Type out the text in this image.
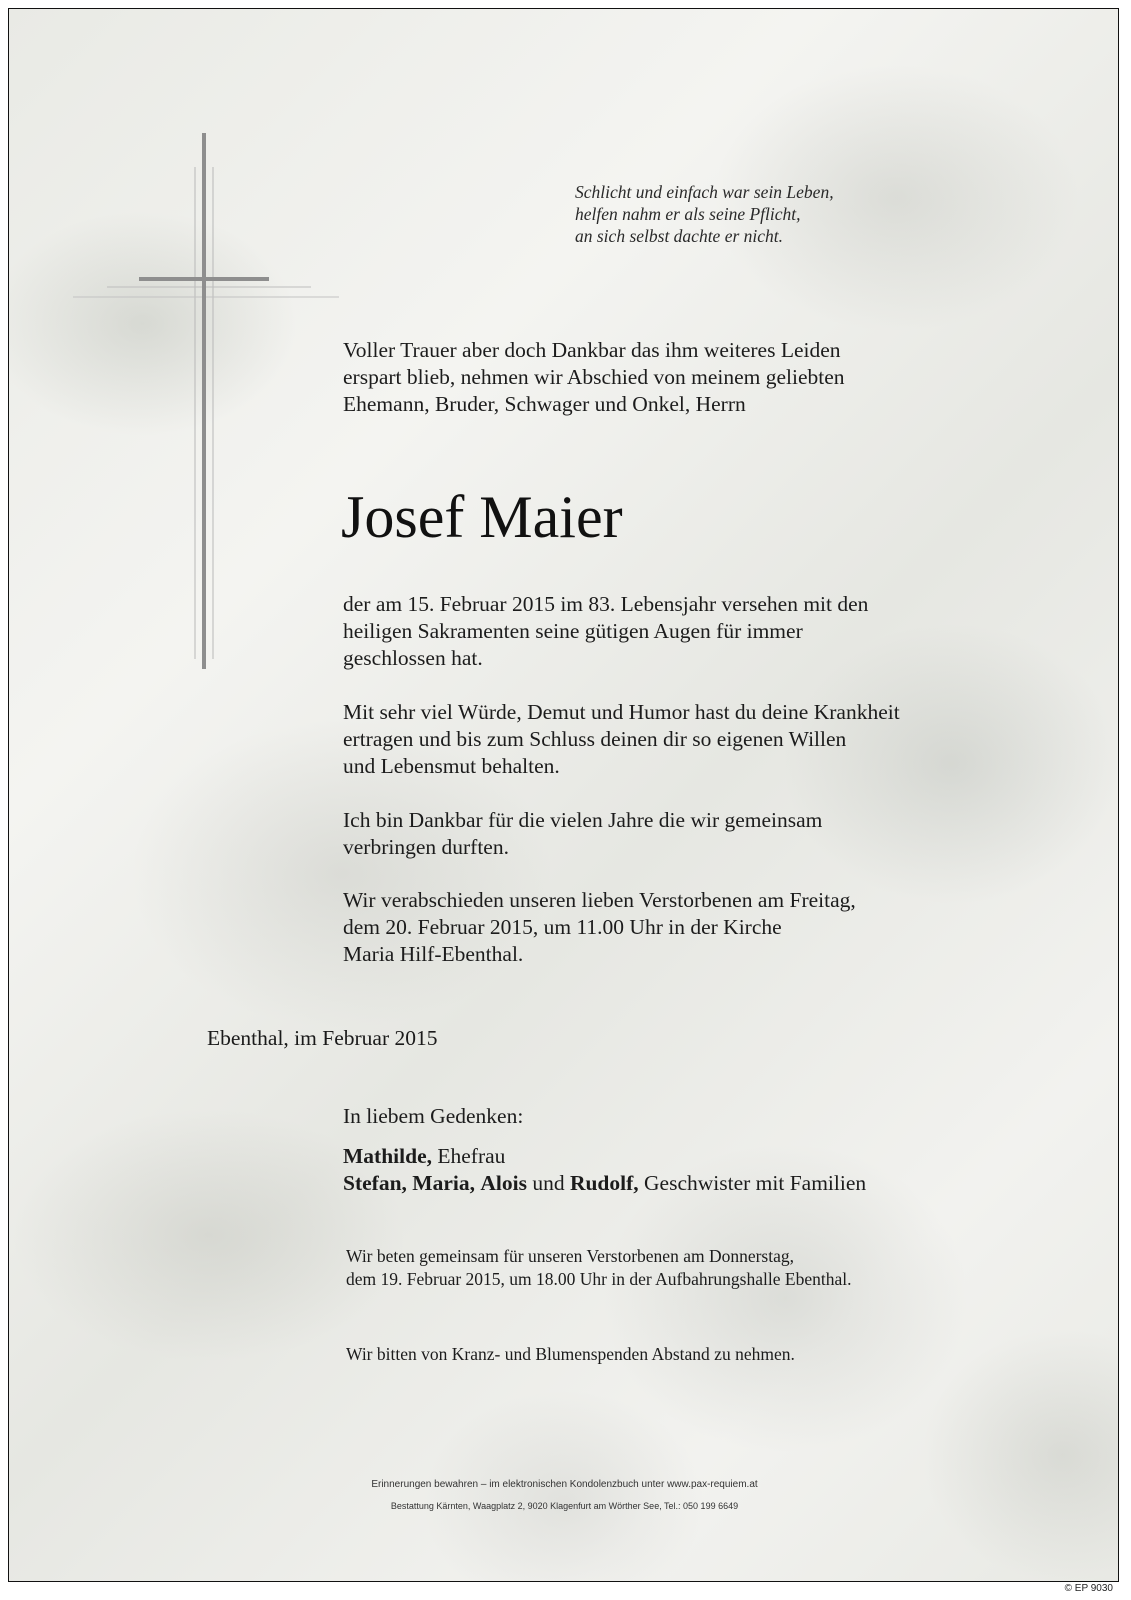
Schlicht und einfach war sein Leben,
helfen nahm er als seine Pflicht,
an sich selbst dachte er nicht.
Voller Trauer aber doch Dankbar das ihm weiteres Leiden
erspart blieb, nehmen wir Abschied von meinem geliebten
Ehemann, Bruder, Schwager und Onkel, Herrn
Josef Maier
der am 15. Februar 2015 im 83. Lebensjahr versehen mit den
heiligen Sakramenten seine gütigen Augen für immer
geschlossen hat.
Mit sehr viel Würde, Demut und Humor hast du deine Krankheit
ertragen und bis zum Schluss deinen dir so eigenen Willen
und Lebensmut behalten.
Ich bin Dankbar für die vielen Jahre die wir gemeinsam
verbringen durften.
Wir verabschieden unseren lieben Verstorbenen am Freitag,
dem 20. Februar 2015, um 11.00 Uhr in der Kirche
Maria Hilf-Ebenthal.
Ebenthal, im Februar 2015
In liebem Gedenken:
Mathilde, Ehefrau
Stefan, Maria, Alois und Rudolf, Geschwister mit Familien
Wir beten gemeinsam für unseren Verstorbenen am Donnerstag,
dem 19. Februar 2015, um 18.00 Uhr in der Aufbahrungshalle Ebenthal.
Wir bitten von Kranz- und Blumenspenden Abstand zu nehmen.
Erinnerungen bewahren – im elektronischen Kondolenzbuch unter www.pax-requiem.at
Bestattung Kärnten, Waagplatz 2, 9020 Klagenfurt am Wörther See, Tel.: 050 199 6649
© EP 9030
